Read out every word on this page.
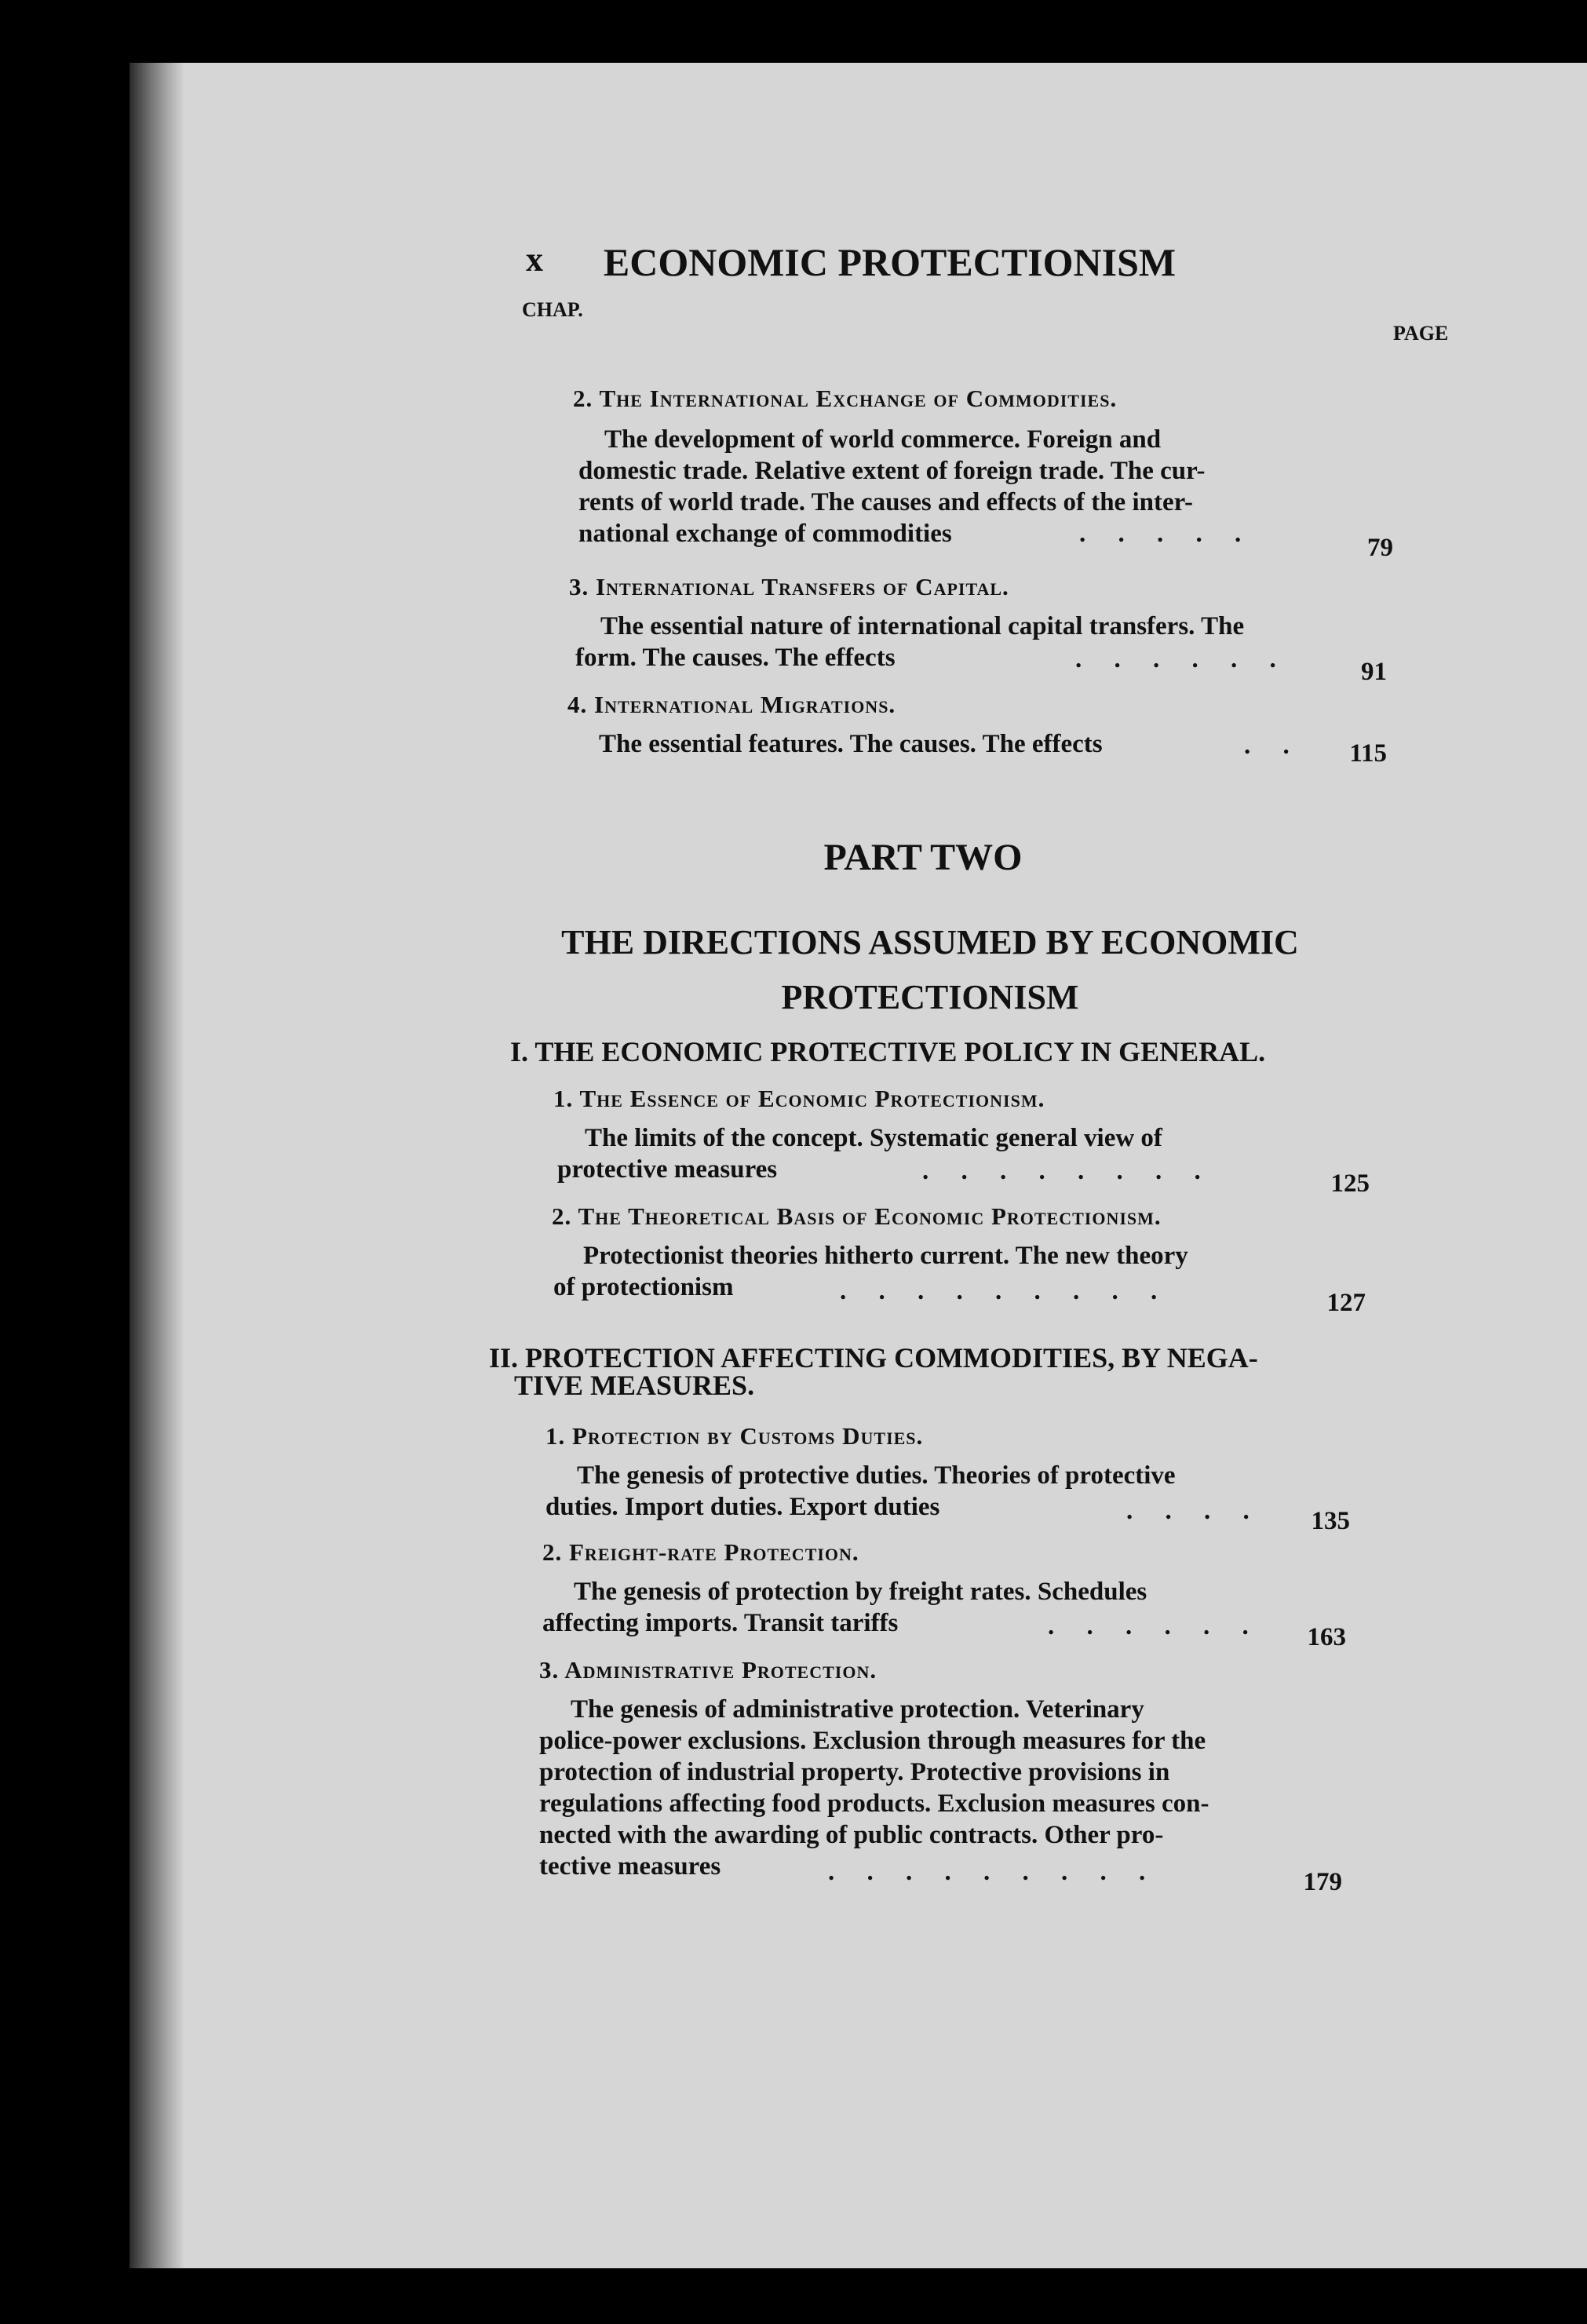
x	ECONOMIC PROTECTIONISM
CHAP.
PAGE
2. The International Exchange of Commodities.
The development of world commerce. Foreign and
domestic trade. Relative extent of foreign trade. The cur-
rents of world trade. The causes and effects of the inter-
national exchange of commodities	.     .     .     .     .	79
3. International Transfers of Capital.
The essential nature of international capital transfers. The
form. The causes. The effects	.     .     .     .     .     .	91
4. International Migrations.
The essential features. The causes. The effects	.     .	115
PART TWO
THE DIRECTIONS ASSUMED BY ECONOMIC
PROTECTIONISM
I. THE ECONOMIC PROTECTIVE POLICY IN GENERAL.
1. The Essence of Economic Protectionism.
The limits of the concept. Systematic general view of
protective measures	.     .     .     .     .     .     .     .	125
2. The Theoretical Basis of Economic Protectionism.
Protectionist theories hitherto current. The new theory
of protectionism	.     .     .     .     .     .     .     .     .	127
II. PROTECTION AFFECTING COMMODITIES, BY NEGA-
TIVE MEASURES.
1. Protection by Customs Duties.
The genesis of protective duties. Theories of protective
duties. Import duties. Export duties	.     .     .     .	135
2. Freight-rate Protection.
The genesis of protection by freight rates. Schedules
affecting imports. Transit tariffs	.     .     .     .     .     .	163
3. Administrative Protection.
The genesis of administrative protection. Veterinary
police-power exclusions. Exclusion through measures for the
protection of industrial property. Protective provisions in
regulations affecting food products. Exclusion measures con-
nected with the awarding of public contracts. Other pro-
tective measures	.     .     .     .     .     .     .     .     .	179
